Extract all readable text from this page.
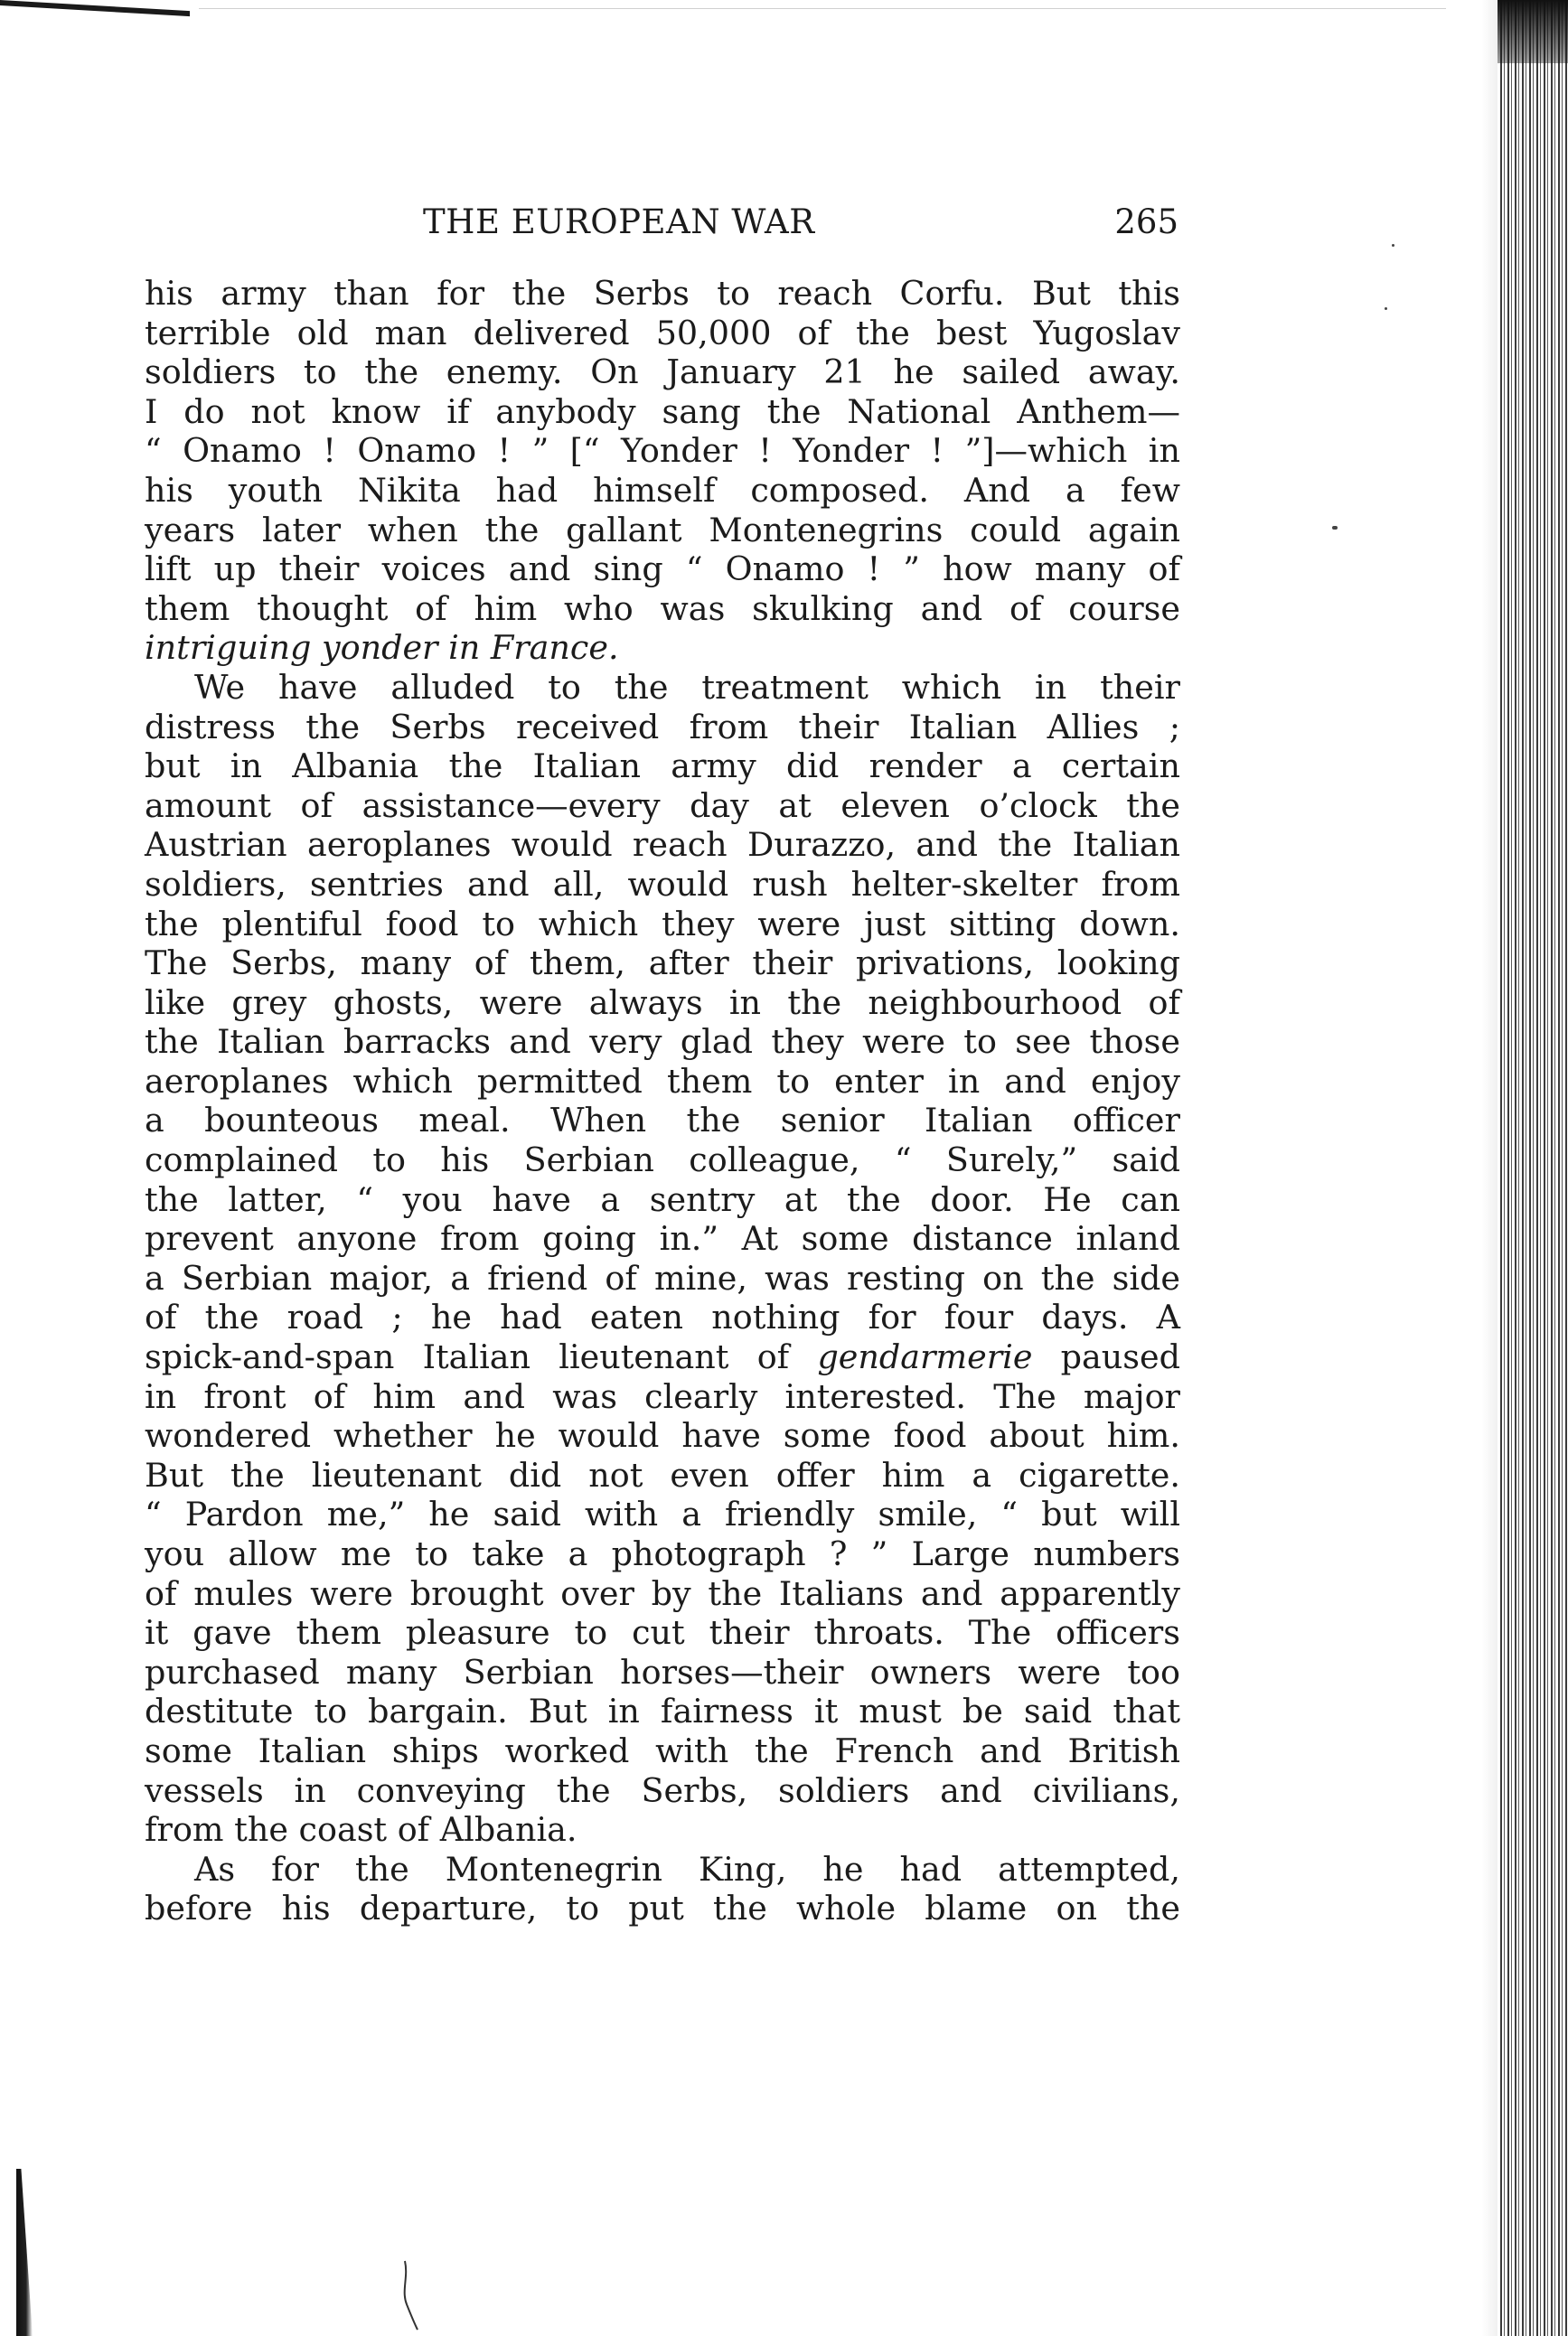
THE EUROPEAN WAR	265
his army than for the Serbs to reach Corfu. But this
terrible old man delivered 50,000 of the best Yugoslav
soldiers to the enemy. On January 21 he sailed away.
I do not know if anybody sang the National Anthem—
“ Onamo ! Onamo ! ” [“ Yonder ! Yonder ! ”]—which in
his youth Nikita had himself composed. And a few
years later when the gallant Montenegrins could again
lift up their voices and sing “ Onamo ! ” how many of
them thought of him who was skulking and of course
intriguing yonder in France.
We have alluded to the treatment which in their
distress the Serbs received from their Italian Allies ;
but in Albania the Italian army did render a certain
amount of assistance—every day at eleven o’clock the
Austrian aeroplanes would reach Durazzo, and the Italian
soldiers, sentries and all, would rush helter-skelter from
the plentiful food to which they were just sitting down.
The Serbs, many of them, after their privations, looking
like grey ghosts, were always in the neighbourhood of
the Italian barracks and very glad they were to see those
aeroplanes which permitted them to enter in and enjoy
a bounteous meal. When the senior Italian officer
complained to his Serbian colleague, “ Surely,” said
the latter, “ you have a sentry at the door. He can
prevent anyone from going in.” At some distance inland
a Serbian major, a friend of mine, was resting on the side
of the road ; he had eaten nothing for four days. A
spick-and-span Italian lieutenant of gendarmerie paused
in front of him and was clearly interested. The major
wondered whether he would have some food about him.
But the lieutenant did not even offer him a cigarette.
“ Pardon me,” he said with a friendly smile, “ but will
you allow me to take a photograph ? ” Large numbers
of mules were brought over by the Italians and apparently
it gave them pleasure to cut their throats. The officers
purchased many Serbian horses—their owners were too
destitute to bargain. But in fairness it must be said that
some Italian ships worked with the French and British
vessels in conveying the Serbs, soldiers and civilians,
from the coast of Albania.
As for the Montenegrin King, he had attempted,
before his departure, to put the whole blame on the
